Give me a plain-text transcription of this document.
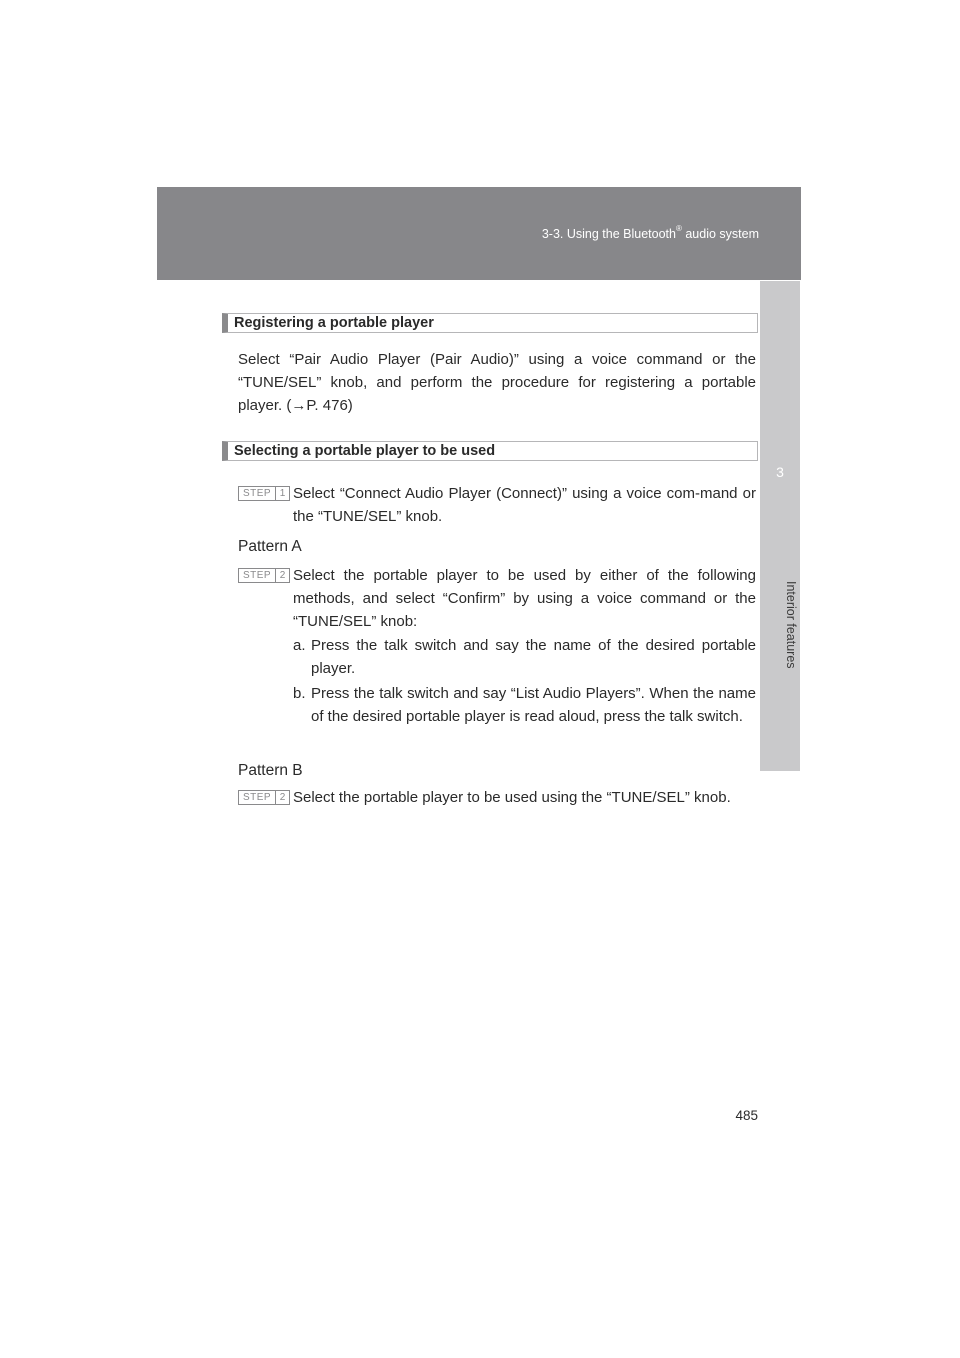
3-3. Using the Bluetooth® audio system
3
Interior features
Registering a portable player

Select “Pair Audio Player (Pair Audio)” using a voice command or the “TUNE/SEL” knob, and perform the procedure for registering a portable player. (→P. 476)

Selecting a portable player to be used
STEP 1 Select “Connect Audio Player (Connect)” using a voice com-mand or the “TUNE/SEL” knob.

Pattern A
STEP 2 Select the portable player to be used by either of the following methods, and select “Confirm” by using a voice command or the “TUNE/SEL” knob:

a. Press the talk switch and say the name of the desired portable player.
b. Press the talk switch and say “List Audio Players”. When the name of the desired portable player is read aloud, press the talk switch.
Pattern B
STEP 2 Select the portable player to be used using the “TUNE/SEL” knob.

485
